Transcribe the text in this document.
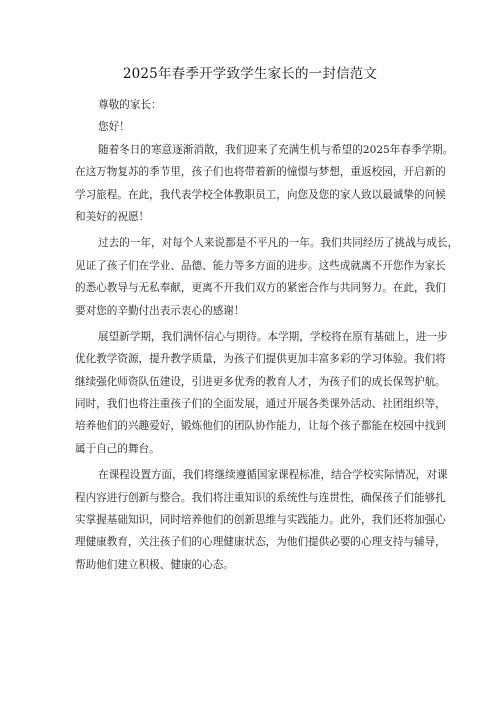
2025年春季开学致学生家长的一封信范文
尊敬的家长：
您好！
随着冬日的寒意逐渐消散，我们迎来了充满生机与希望的2025年春季学期。
在这万物复苏的季节里，孩子们也将带着新的憧憬与梦想，重返校园，开启新的
学习旅程。在此，我代表学校全体教职员工，向您及您的家人致以最诚挚的问候
和美好的祝愿！
过去的一年，对每个人来说都是不平凡的一年。我们共同经历了挑战与成长，
见证了孩子们在学业、品德、能力等多方面的进步。这些成就离不开您作为家长
的悉心教导与无私奉献，更离不开我们双方的紧密合作与共同努力。在此，我们
要对您的辛勤付出表示衷心的感谢！
展望新学期，我们满怀信心与期待。本学期，学校将在原有基础上，进一步
优化教学资源，提升教学质量，为孩子们提供更加丰富多彩的学习体验。我们将
继续强化师资队伍建设，引进更多优秀的教育人才，为孩子们的成长保驾护航。
同时，我们也将注重孩子们的全面发展，通过开展各类课外活动、社团组织等，
培养他们的兴趣爱好，锻炼他们的团队协作能力，让每个孩子都能在校园中找到
属于自己的舞台。
在课程设置方面，我们将继续遵循国家课程标准，结合学校实际情况，对课
程内容进行创新与整合。我们将注重知识的系统性与连贯性，确保孩子们能够扎
实掌握基础知识，同时培养他们的创新思维与实践能力。此外，我们还将加强心
理健康教育，关注孩子们的心理健康状态，为他们提供必要的心理支持与辅导，
帮助他们建立积极、健康的心态。
